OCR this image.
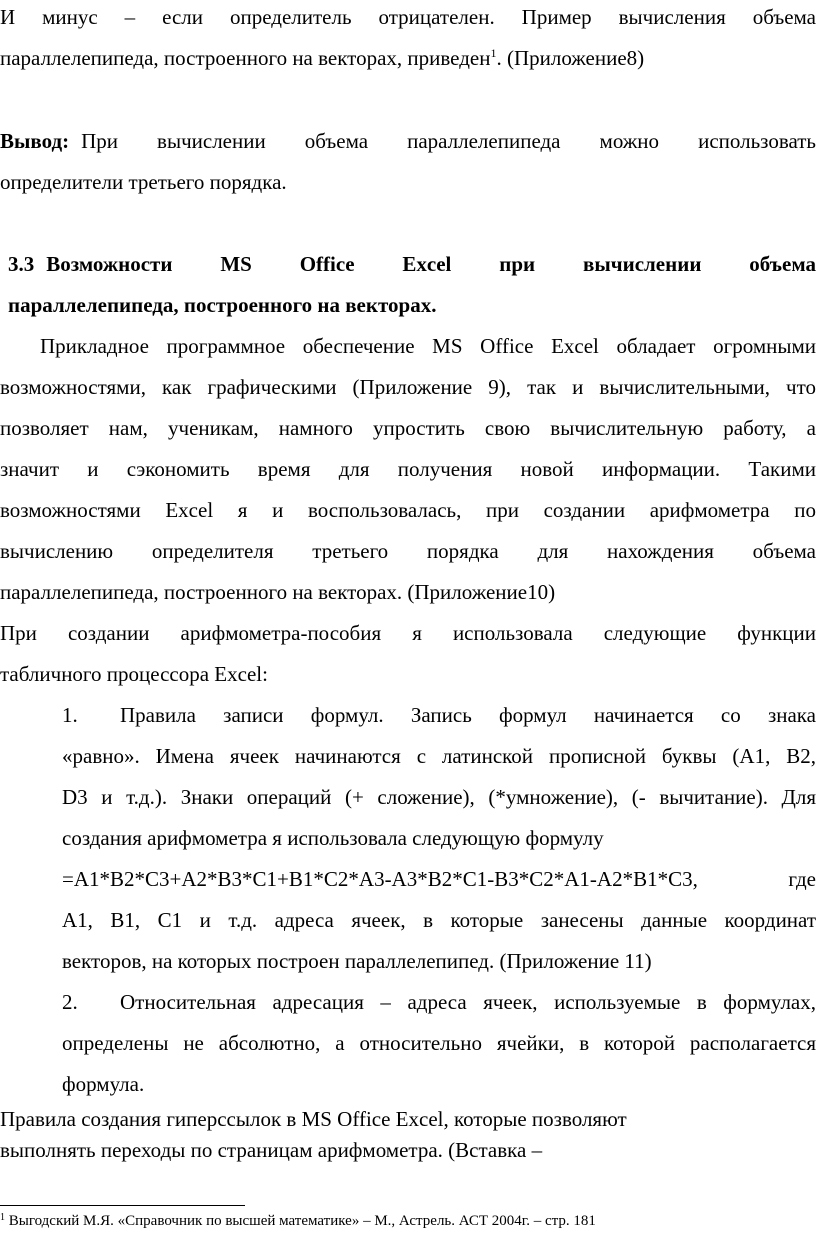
И минус – если определитель отрицателен. Пример вычисления объема
параллелепипеда, построенного на векторах, приведен$^1$. (Приложение8)
Вывод: При вычислении объема параллелепипеда можно использовать
определители третьего порядка.
3.3 Возможности MS Office Excel при вычислении объема
параллелепипеда, построенного на векторах.
Прикладное программное обеспечение MS Office Excel обладает огромными
возможностями, как графическими (Приложение 9), так и вычислительными, что
позволяет нам, ученикам, намного упростить свою вычислительную работу, а
значит и сэкономить время для получения новой информации. Такими
возможностями Excel я и воспользовалась, при создании арифмометра по
вычислению определителя третьего порядка для нахождения объема
параллелепипеда, построенного на векторах. (Приложение10)
При создании арифмометра-пособия я использовала следующие функции
табличного процессора Excel:
1.	Правила записи формул. Запись формул начинается со знака
«равно». Имена ячеек начинаются с латинской прописной буквы (А1, В2,
D3 и т.д.). Знаки операций (+ сложение), (*умножение), (- вычитание). Для
создания арифмометра я использовала следующую формулу
=A1*B2*C3+A2*B3*C1+B1*C2*A3-A3*B2*C1-B3*C2*A1-A2*B1*C3, где
А1, В1, С1 и т.д. адреса ячеек, в которые занесены данные координат
векторов, на которых построен параллелепипед. (Приложение 11)
2.	Относительная адресация – адреса ячеек, используемые в формулах,
определены не абсолютно, а относительно ячейки, в которой располагается
формула.
Правила создания гиперссылок в MS Office Excel, которые позволяют
выполнять переходы по страницам арифмометра. (Вставка –
$^1$ Выгодский М.Я. «Справочник по высшей математике» – М., Астрель. АСТ 2004г. – стр. 181
